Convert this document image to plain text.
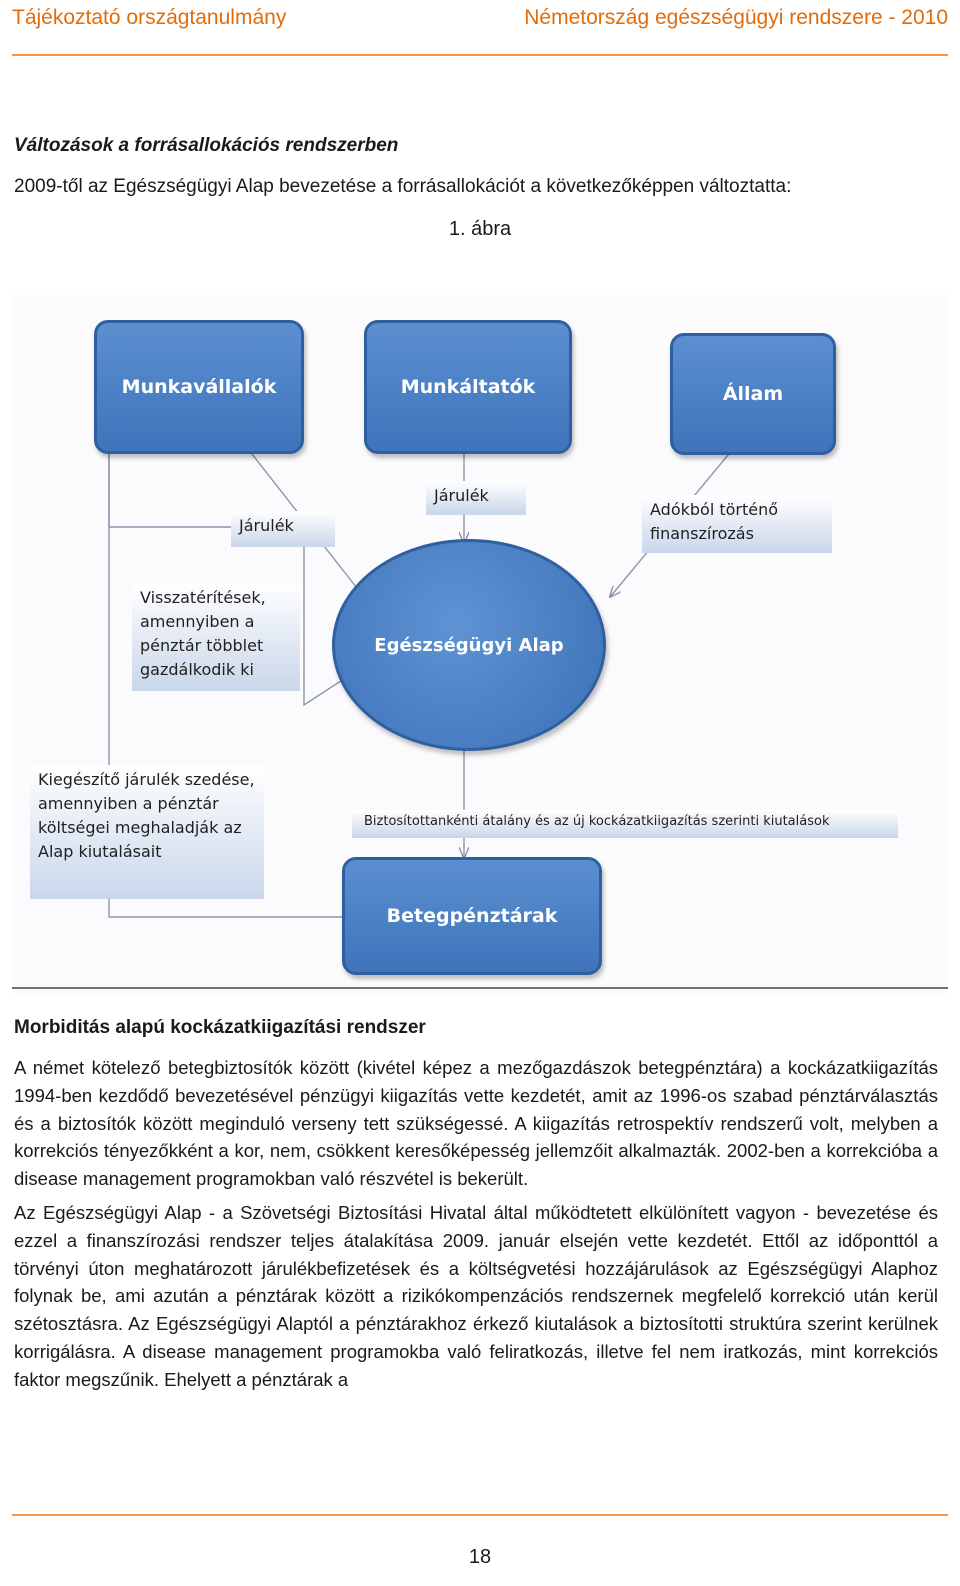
Tájékoztató országtanulmány	Németország egészségügyi rendszere - 2010
Változások a forrásallokációs rendszerben
2009-től az Egészségügyi Alap bevezetése a forrásallokációt a következőképpen változtatta:
1. ábra
Munkavállalók	Munkáltatók	Állam
Egészségügyi Alap
Betegpénztárak
Járulék
Járulék
Adókból történő finanszírozás
Visszatérítések, amennyiben a pénztár többlet gazdálkodik ki
Kiegészítő járulék szedése, amennyiben a pénztár költségei meghaladják az Alap kiutalásait
Biztosítottankénti átalány és az új kockázatkiigazítás szerinti kiutalások
Morbiditás alapú kockázatkiigazítási rendszer

A német kötelező betegbiztosítók között (kivétel képez a mezőgazdászok betegpénztára) a kockázatkiigazítás 1994-ben kezdődő bevezetésével pénzügyi kiigazítás vette kezdetét, amit az 1996-os szabad pénztárválasztás és a biztosítók között meginduló verseny tett szükségessé. A kiigazítás retrospektív rendszerű volt, melyben a korrekciós tényezőkként a kor, nem, csökkent keresőképesség jellemzőit alkalmazták. 2002-ben a korrekcióba a disease management programokban való részvétel is bekerült.

Az Egészségügyi Alap - a Szövetségi Biztosítási Hivatal által működtetett elkülönített vagyon - bevezetése és ezzel a finanszírozási rendszer teljes átalakítása 2009. január elsején vette kezdetét. Ettől az időponttól a törvényi úton meghatározott járulékbefizetések és a költségvetési hozzájárulások az Egészségügyi Alaphoz folynak be, ami azután a pénztárak között a rizikókompenzációs rendszernek megfelelő korrekció után kerül szétosztásra. Az Egészségügyi Alaptól a pénztárakhoz érkező kiutalások a biztosítotti struktúra szerint kerülnek korrigálásra. A disease management programokba való feliratkozás, illetve fel nem iratkozás, mint korrekciós faktor megszűnik. Ehelyett a pénztárak a

18
